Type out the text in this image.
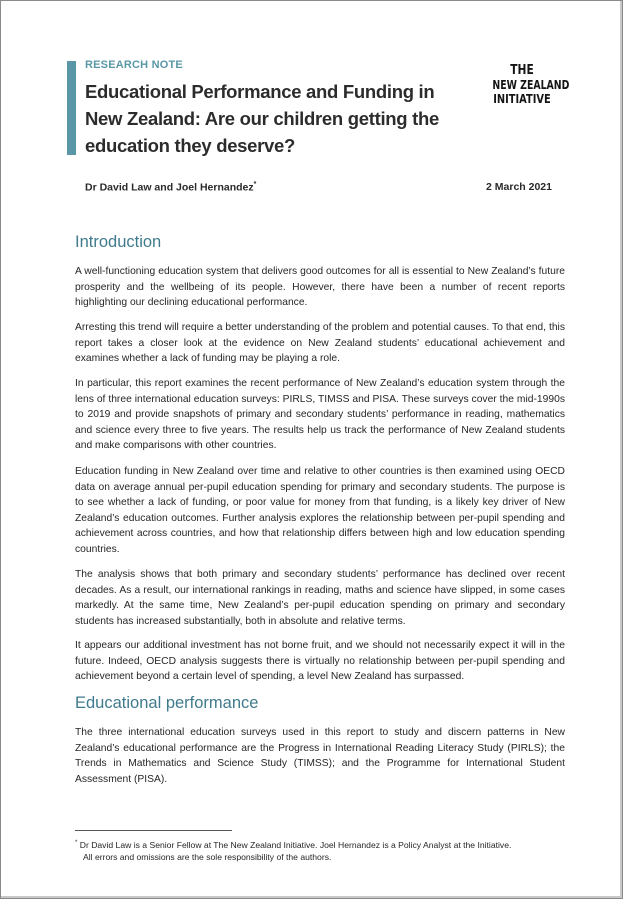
RESEARCH NOTE
Educational Performance and Funding in New Zealand: Are our children getting the education they deserve?
THE
NEW ZEALAND
INITIATIVE
Dr David Law and Joel Hernandez*	2 March 2021
Introduction

A well-functioning education system that delivers good outcomes for all is essential to New Zealand’s future prosperity and the wellbeing of its people. However, there have been a number of recent reports highlighting our declining educational performance.

Arresting this trend will require a better understanding of the problem and potential causes. To that end, this report takes a closer look at the evidence on New Zealand students’ educational achievement and examines whether a lack of funding may be playing a role.

In particular, this report examines the recent performance of New Zealand’s education system through the lens of three international education surveys: PIRLS, TIMSS and PISA. These surveys cover the mid-1990s to 2019 and provide snapshots of primary and secondary students’ performance in reading, mathematics and science every three to five years. The results help us track the performance of New Zealand students and make comparisons with other countries.

Education funding in New Zealand over time and relative to other countries is then examined using OECD data on average annual per-pupil education spending for primary and secondary students. The purpose is to see whether a lack of funding, or poor value for money from that funding, is a likely key driver of New Zealand’s education outcomes. Further analysis explores the relationship between per-pupil spending and achievement across countries, and how that relationship differs between high and low education spending countries.

The analysis shows that both primary and secondary students’ performance has declined over recent decades. As a result, our international rankings in reading, maths and science have slipped, in some cases markedly. At the same time, New Zealand’s per-pupil education spending on primary and secondary students has increased substantially, both in absolute and relative terms.

It appears our additional investment has not borne fruit, and we should not necessarily expect it will in the future. Indeed, OECD analysis suggests there is virtually no relationship between per-pupil spending and achievement beyond a certain level of spending, a level New Zealand has surpassed.

Educational performance

The three international education surveys used in this report to study and discern patterns in New Zealand’s educational performance are the Progress in International Reading Literacy Study (PIRLS); the Trends in Mathematics and Science Study (TIMSS); and the Programme for International Student Assessment (PISA).

* Dr David Law is a Senior Fellow at The New Zealand Initiative. Joel Hernandez is a Policy Analyst at the Initiative.
All errors and omissions are the sole responsibility of the authors.
